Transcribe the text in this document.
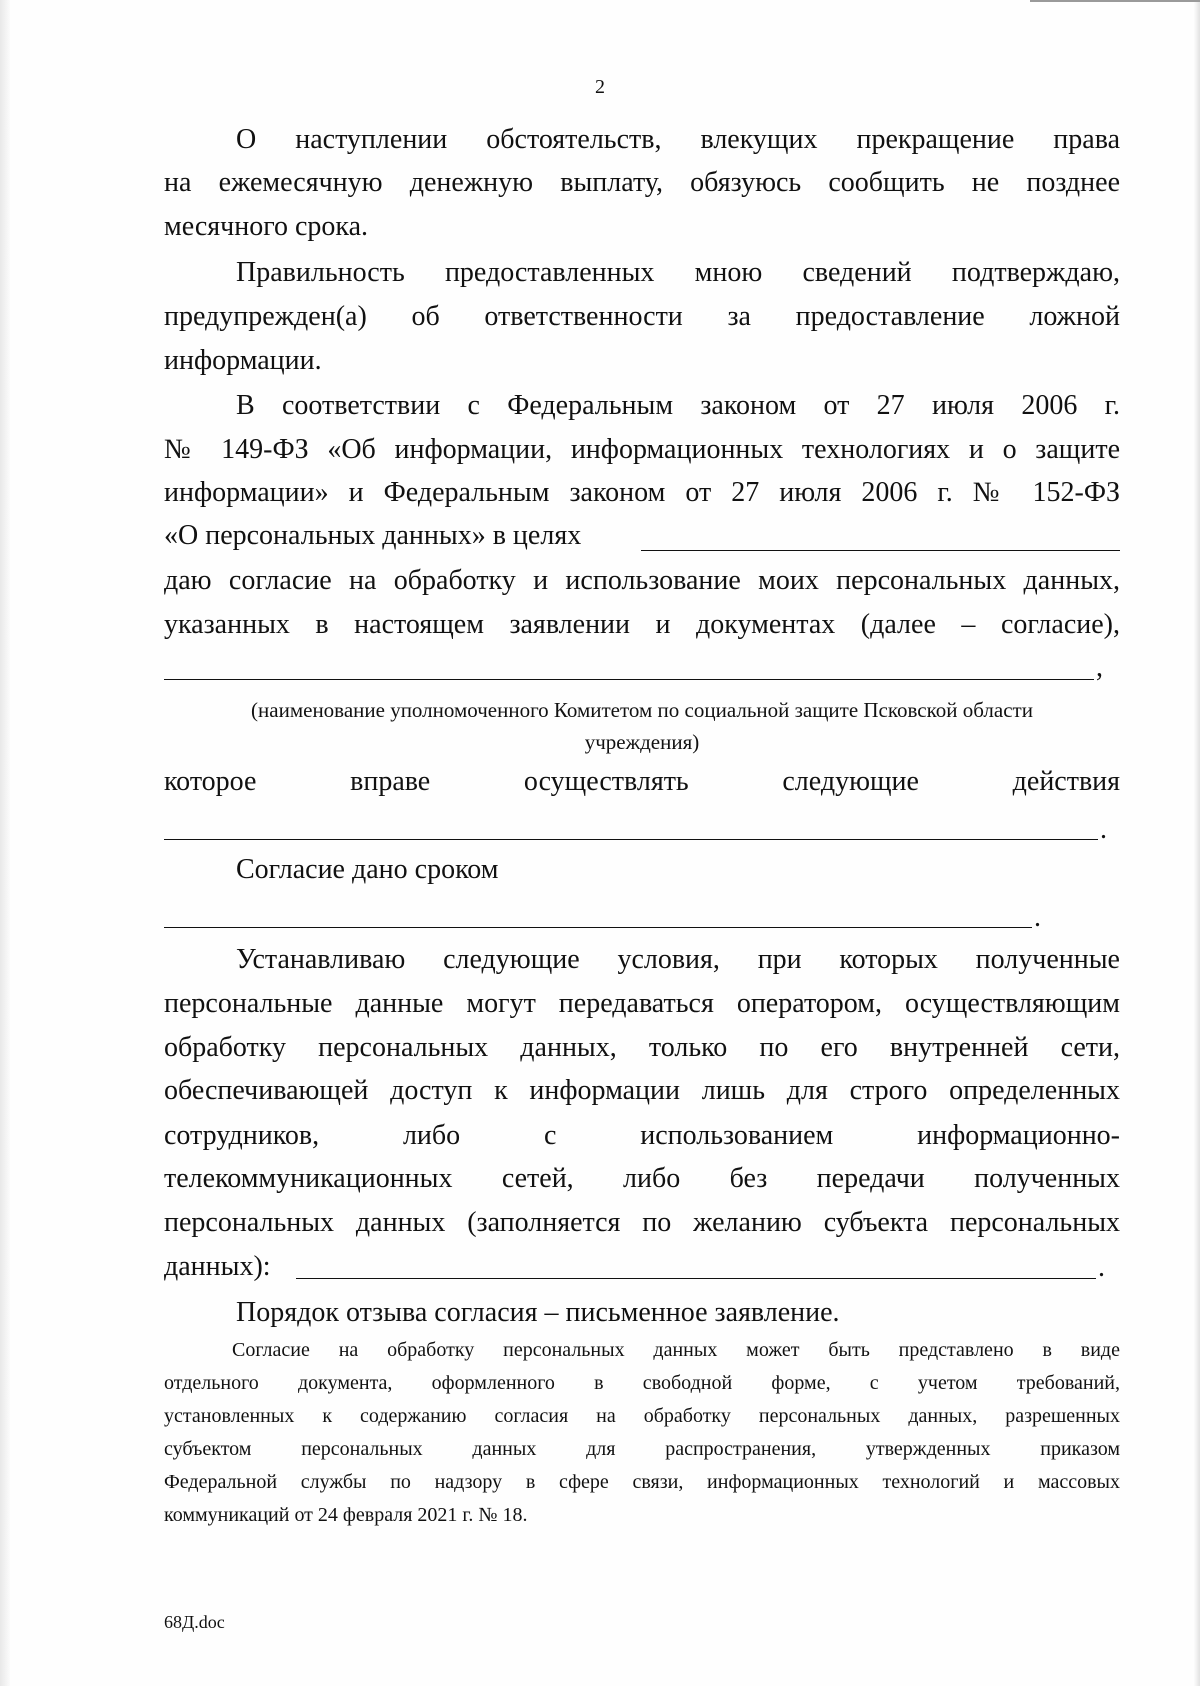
2
О наступлении обстоятельств, влекущих прекращение права
на ежемесячную денежную выплату, обязуюсь сообщить не позднее
месячного срока.
Правильность предоставленных мною сведений подтверждаю,
предупрежден(а) об ответственности за предоставление ложной
информации.
В соответствии с Федеральным законом от 27 июля 2006 г.
№ 149-ФЗ «Об информации, информационных технологиях и о защите
информации» и Федеральным законом от 27 июля 2006 г. № 152-ФЗ
«О персональных данных» в целях
даю согласие на обработку и использование моих персональных данных,
указанных в настоящем заявлении и документах (далее – согласие),
,
(наименование уполномоченного Комитетом по социальной защите Псковской области
учреждения)
которое	вправе	осуществлять	следующие	действия
.
Согласие дано сроком
.
Устанавливаю следующие условия, при которых полученные
персональные данные могут передаваться оператором, осуществляющим
обработку персональных данных, только по его внутренней сети,
обеспечивающей доступ к информации лишь для строго определенных
сотрудников, либо с использованием информационно-
телекоммуникационных сетей, либо без передачи полученных
персональных данных (заполняется по желанию субъекта персональных
данных):	.
Порядок отзыва согласия – письменное заявление.
Согласие на обработку персональных данных может быть представлено в виде
отдельного документа, оформленного в свободной форме, с учетом требований,
установленных к содержанию согласия на обработку персональных данных, разрешенных
субъектом персональных данных для распространения, утвержденных приказом
Федеральной службы по надзору в сфере связи, информационных технологий и массовых
коммуникаций от 24 февраля 2021 г. № 18.
68Д.doc
